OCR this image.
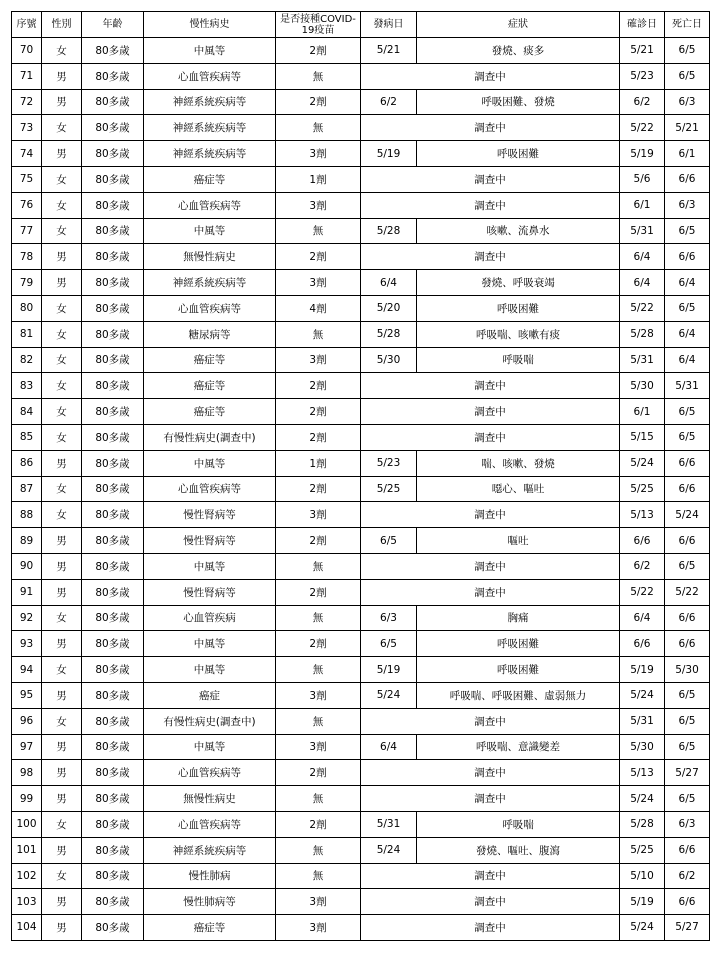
序號	性別	年齡	慢性病史	是否接種COVID-19疫苗	發病日	症狀	確診日	死亡日
70	女	80多歲	中風等	2劑	5/21	發燒、痰多	5/21	6/5
71	男	80多歲	心血管疾病等	無	調查中		5/23	6/5
72	男	80多歲	神經系統疾病等	2劑	6/2	呼吸困難、發燒	6/2	6/3
73	女	80多歲	神經系統疾病等	無	調查中		5/22	5/21
74	男	80多歲	神經系統疾病等	3劑	5/19	呼吸困難	5/19	6/1
75	女	80多歲	癌症等	1劑	調查中		5/6	6/6
76	女	80多歲	心血管疾病等	3劑	調查中		6/1	6/3
77	女	80多歲	中風等	無	5/28	咳嗽、流鼻水	5/31	6/5
78	男	80多歲	無慢性病史	2劑	調查中		6/4	6/6
79	男	80多歲	神經系統疾病等	3劑	6/4	發燒、呼吸衰竭	6/4	6/4
80	女	80多歲	心血管疾病等	4劑	5/20	呼吸困難	5/22	6/5
81	女	80多歲	糖尿病等	無	5/28	呼吸喘、咳嗽有痰	5/28	6/4
82	女	80多歲	癌症等	3劑	5/30	呼吸喘	5/31	6/4
83	女	80多歲	癌症等	2劑	調查中		5/30	5/31
84	女	80多歲	癌症等	2劑	調查中		6/1	6/5
85	女	80多歲	有慢性病史(調查中)	2劑	調查中		5/15	6/5
86	男	80多歲	中風等	1劑	5/23	喘、咳嗽、發燒	5/24	6/6
87	女	80多歲	心血管疾病等	2劑	5/25	噁心、嘔吐	5/25	6/6
88	女	80多歲	慢性腎病等	3劑	調查中		5/13	5/24
89	男	80多歲	慢性腎病等	2劑	6/5	嘔吐	6/6	6/6
90	男	80多歲	中風等	無	調查中		6/2	6/5
91	男	80多歲	慢性腎病等	2劑	調查中		5/22	5/22
92	女	80多歲	心血管疾病	無	6/3	胸痛	6/4	6/6
93	男	80多歲	中風等	2劑	6/5	呼吸困難	6/6	6/6
94	女	80多歲	中風等	無	5/19	呼吸困難	5/19	5/30
95	男	80多歲	癌症	3劑	5/24	呼吸喘、呼吸困難、虛弱無力	5/24	6/5
96	女	80多歲	有慢性病史(調查中)	無	調查中		5/31	6/5
97	男	80多歲	中風等	3劑	6/4	呼吸喘、意識變差	5/30	6/5
98	男	80多歲	心血管疾病等	2劑	調查中		5/13	5/27
99	男	80多歲	無慢性病史	無	調查中		5/24	6/5
100	女	80多歲	心血管疾病等	2劑	5/31	呼吸喘	5/28	6/3
101	男	80多歲	神經系統疾病等	無	5/24	發燒、嘔吐、腹瀉	5/25	6/6
102	女	80多歲	慢性肺病	無	調查中		5/10	6/2
103	男	80多歲	慢性肺病等	3劑	調查中		5/19	6/6
104	男	80多歲	癌症等	3劑	調查中		5/24	5/27
